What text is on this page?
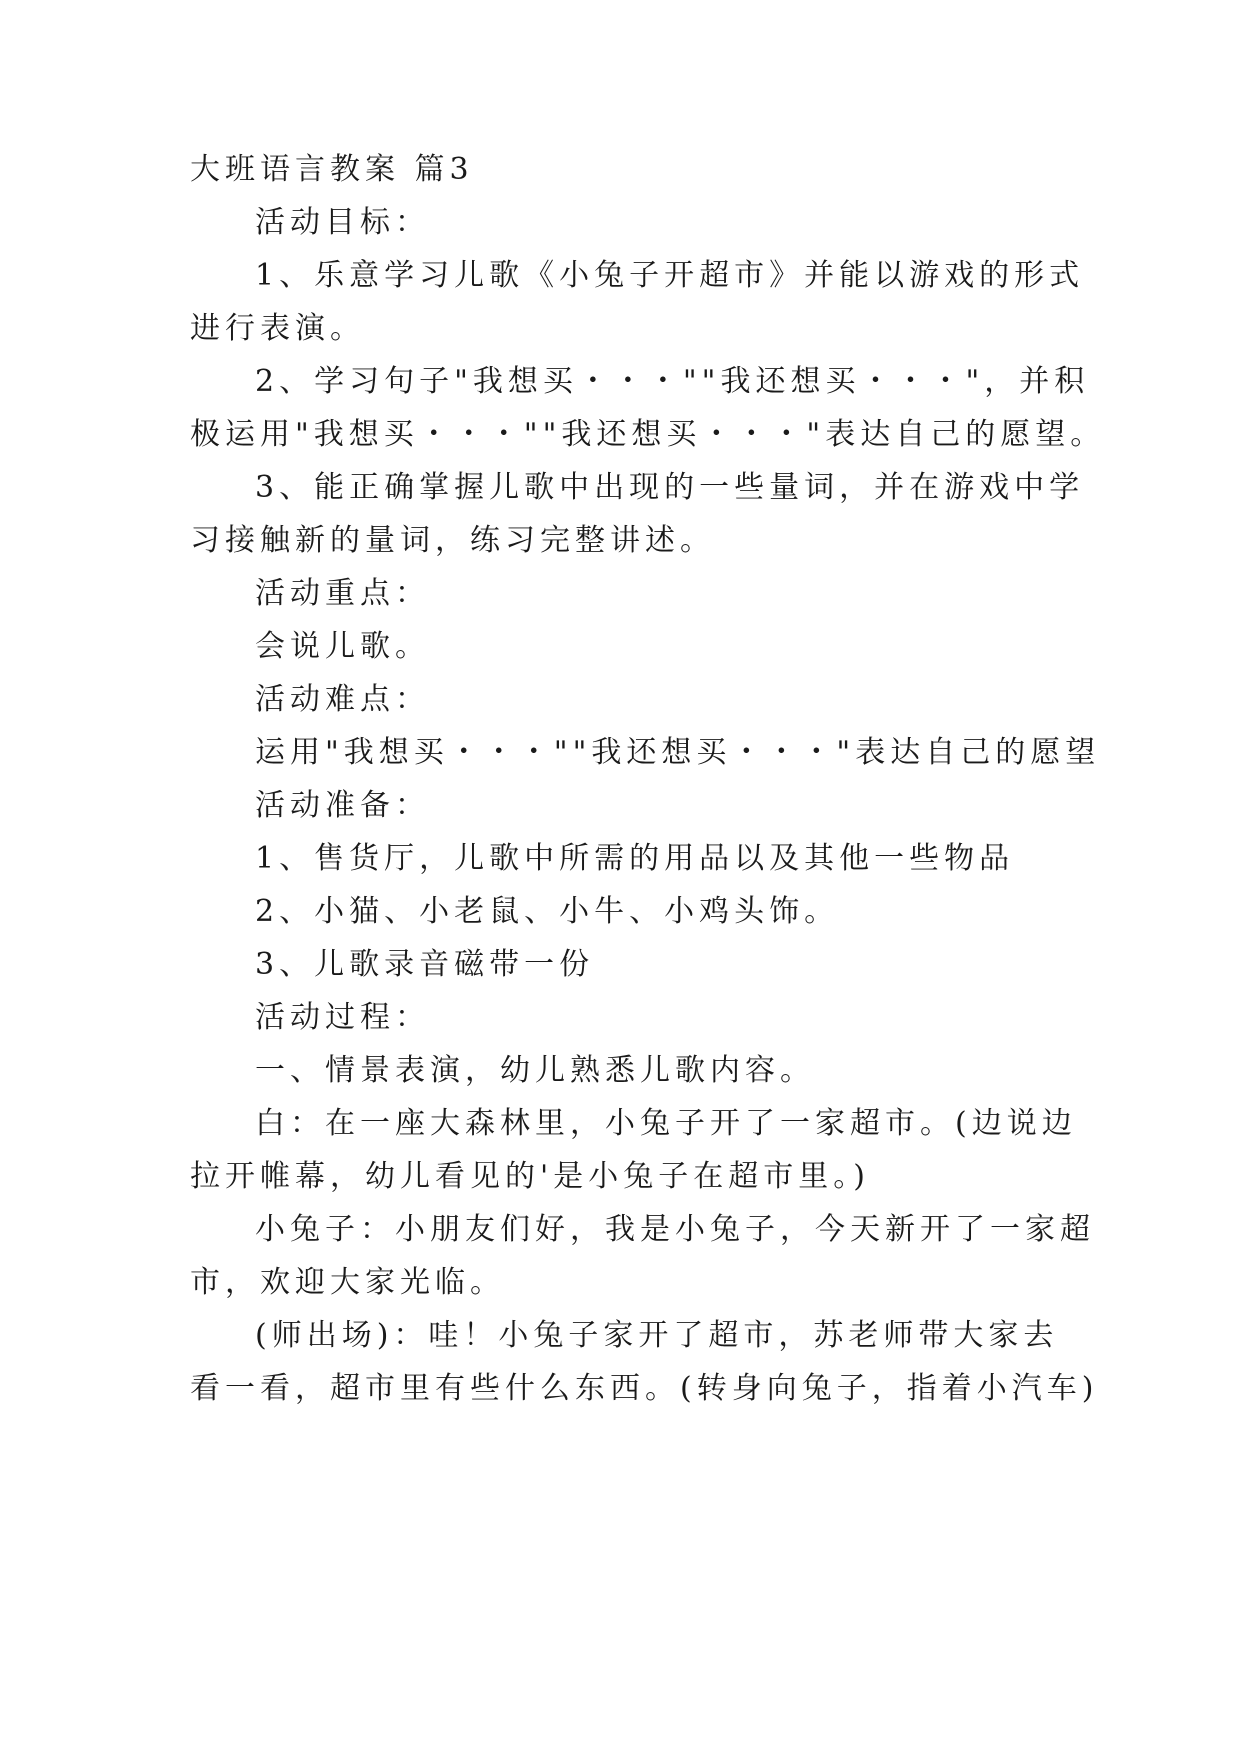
大班语言教案 篇3
活动目标：
1、乐意学习儿歌《小兔子开超市》并能以游戏的形式
进行表演。
2、学习句子"我想买・・・""我还想买・・・"，并积
极运用"我想买・・・""我还想买・・・"表达自己的愿望。
3、能正确掌握儿歌中出现的一些量词，并在游戏中学
习接触新的量词，练习完整讲述。
活动重点：
会说儿歌。
活动难点：
运用"我想买・・・""我还想买・・・"表达自己的愿望
活动准备：
1、售货厅，儿歌中所需的用品以及其他一些物品
2、小猫、小老鼠、小牛、小鸡头饰。
3、儿歌录音磁带一份
活动过程：
一、情景表演，幼儿熟悉儿歌内容。
白：在一座大森林里，小兔子开了一家超市。(边说边
拉开帷幕，幼儿看见的'是小兔子在超市里。)
小兔子：小朋友们好，我是小兔子，今天新开了一家超
市，欢迎大家光临。
(师出场)：哇！小兔子家开了超市，苏老师带大家去
看一看，超市里有些什么东西。(转身向兔子，指着小汽车)
